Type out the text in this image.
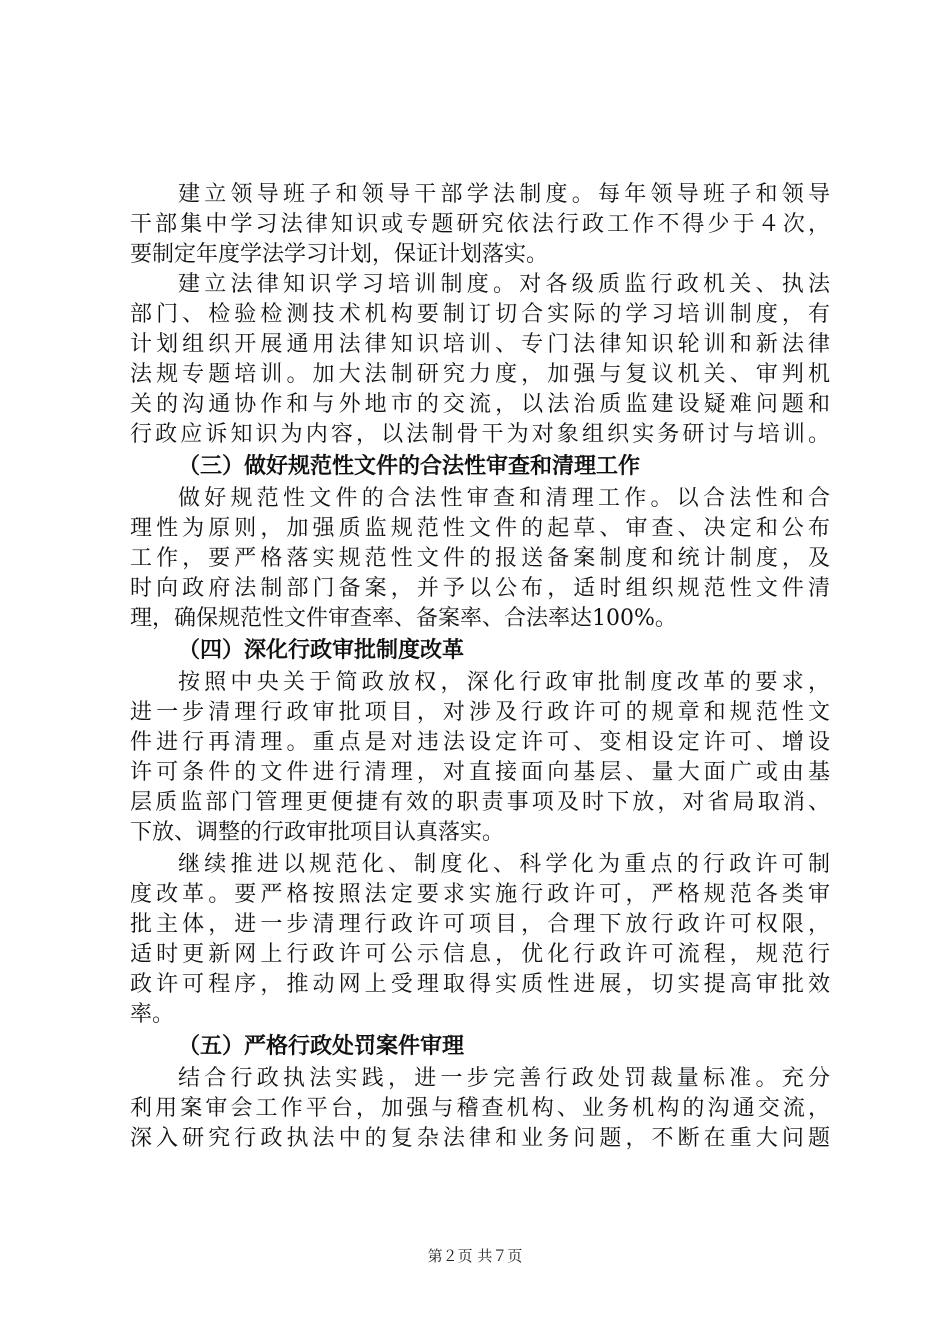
建立领导班子和领导干部学法制度。每年领导班子和领导
干部集中学习法律知识或专题研究依法行政工作不得少于４次，
要制定年度学法学习计划，保证计划落实。
建立法律知识学习培训制度。对各级质监行政机关、执法
部门、检验检测技术机构要制订切合实际的学习培训制度，有
计划组织开展通用法律知识培训、专门法律知识轮训和新法律
法规专题培训。加大法制研究力度，加强与复议机关、审判机
关的沟通协作和与外地市的交流，以法治质监建设疑难问题和
行政应诉知识为内容，以法制骨干为对象组织实务研讨与培训。
（三）做好规范性文件的合法性审查和清理工作
做好规范性文件的合法性审查和清理工作。以合法性和合
理性为原则，加强质监规范性文件的起草、审查、决定和公布
工作，要严格落实规范性文件的报送备案制度和统计制度，及
时向政府法制部门备案，并予以公布，适时组织规范性文件清
理，确保规范性文件审查率、备案率、合法率达100%。
（四）深化行政审批制度改革
按照中央关于简政放权，深化行政审批制度改革的要求，
进一步清理行政审批项目，对涉及行政许可的规章和规范性文
件进行再清理。重点是对违法设定许可、变相设定许可、增设
许可条件的文件进行清理，对直接面向基层、量大面广或由基
层质监部门管理更便捷有效的职责事项及时下放，对省局取消、
下放、调整的行政审批项目认真落实。
继续推进以规范化、制度化、科学化为重点的行政许可制
度改革。要严格按照法定要求实施行政许可，严格规范各类审
批主体，进一步清理行政许可项目，合理下放行政许可权限，
适时更新网上行政许可公示信息，优化行政许可流程，规范行
政许可程序，推动网上受理取得实质性进展，切实提高审批效
率。
（五）严格行政处罚案件审理
结合行政执法实践，进一步完善行政处罚裁量标准。充分
利用案审会工作平台，加强与稽查机构、业务机构的沟通交流，
深入研究行政执法中的复杂法律和业务问题，不断在重大问题
第２页 共７页
